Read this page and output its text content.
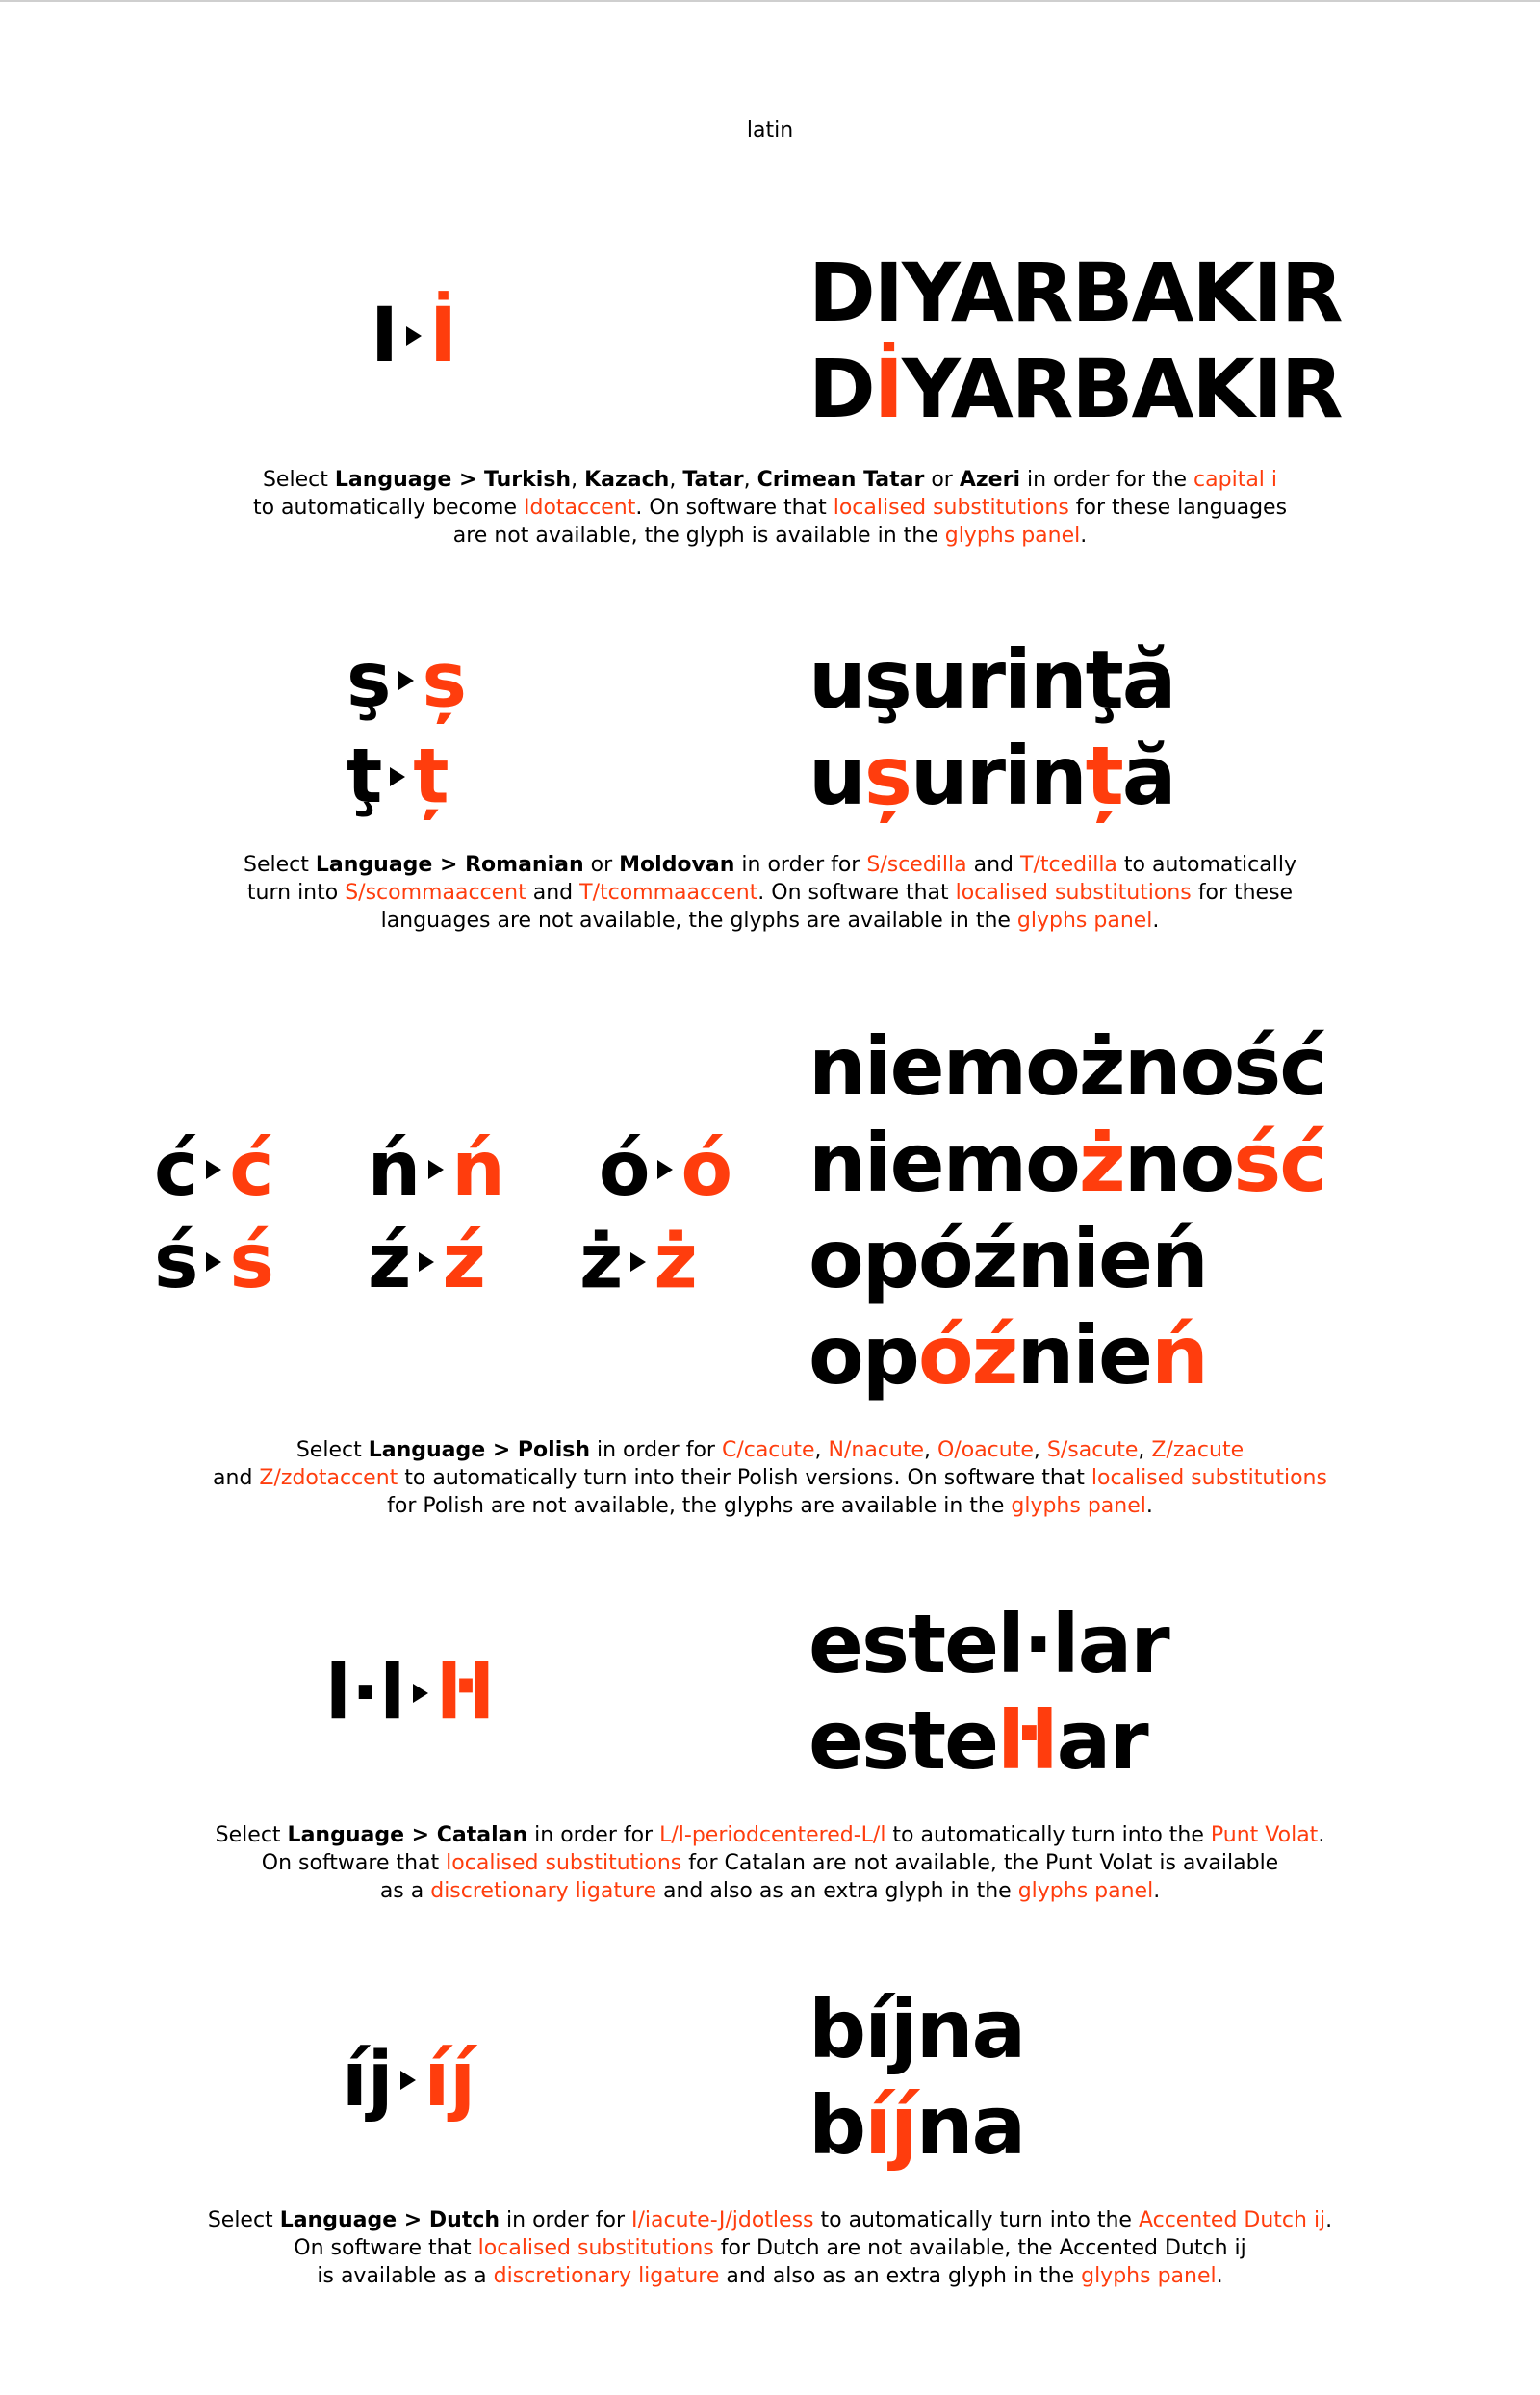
latin
I İ	DIYARBAKIR
DİYARBAKIR
Select Language > Turkish, Kazach, Tatar, Crimean Tatar or Azeri in order for the capital i
to automatically become Idotaccent. On software that localised substitutions for these languages
are not available, the glyph is available in the glyphs panel.
ş ș
ţ ț
uşurinţă
ușurință
Select Language > Romanian or Moldovan in order for S/scedilla and T/tcedilla to automatically
turn into S/scommaaccent and T/tcommaaccent. On software that localised substitutions for these
languages are not available, the glyphs are available in the glyphs panel.
ć ć
ń ń
ó ó
ś ś
ź ź
ż ż
niemożność
niemożność
opóźnień
opóźnień
Select Language > Polish in order for C/cacute, N/nacute, O/oacute, S/sacute, Z/zacute
and Z/zdotaccent to automatically turn into their Polish versions. On software that localised substitutions
for Polish are not available, the glyphs are available in the glyphs panel.
l·l ŀl
estel·lar
esteŀlar
Select Language > Catalan in order for L/l-periodcentered-L/l to automatically turn into the Punt Volat.
On software that localised substitutions for Catalan are not available, the Punt Volat is available
as a discretionary ligature and also as an extra glyph in the glyphs panel.
íj íj́
bíjna
bíj́na
Select Language > Dutch in order for I/iacute-J/jdotless to automatically turn into the Accented Dutch ij.
On software that localised substitutions for Dutch are not available, the Accented Dutch ij
is available as a discretionary ligature and also as an extra glyph in the glyphs panel.
